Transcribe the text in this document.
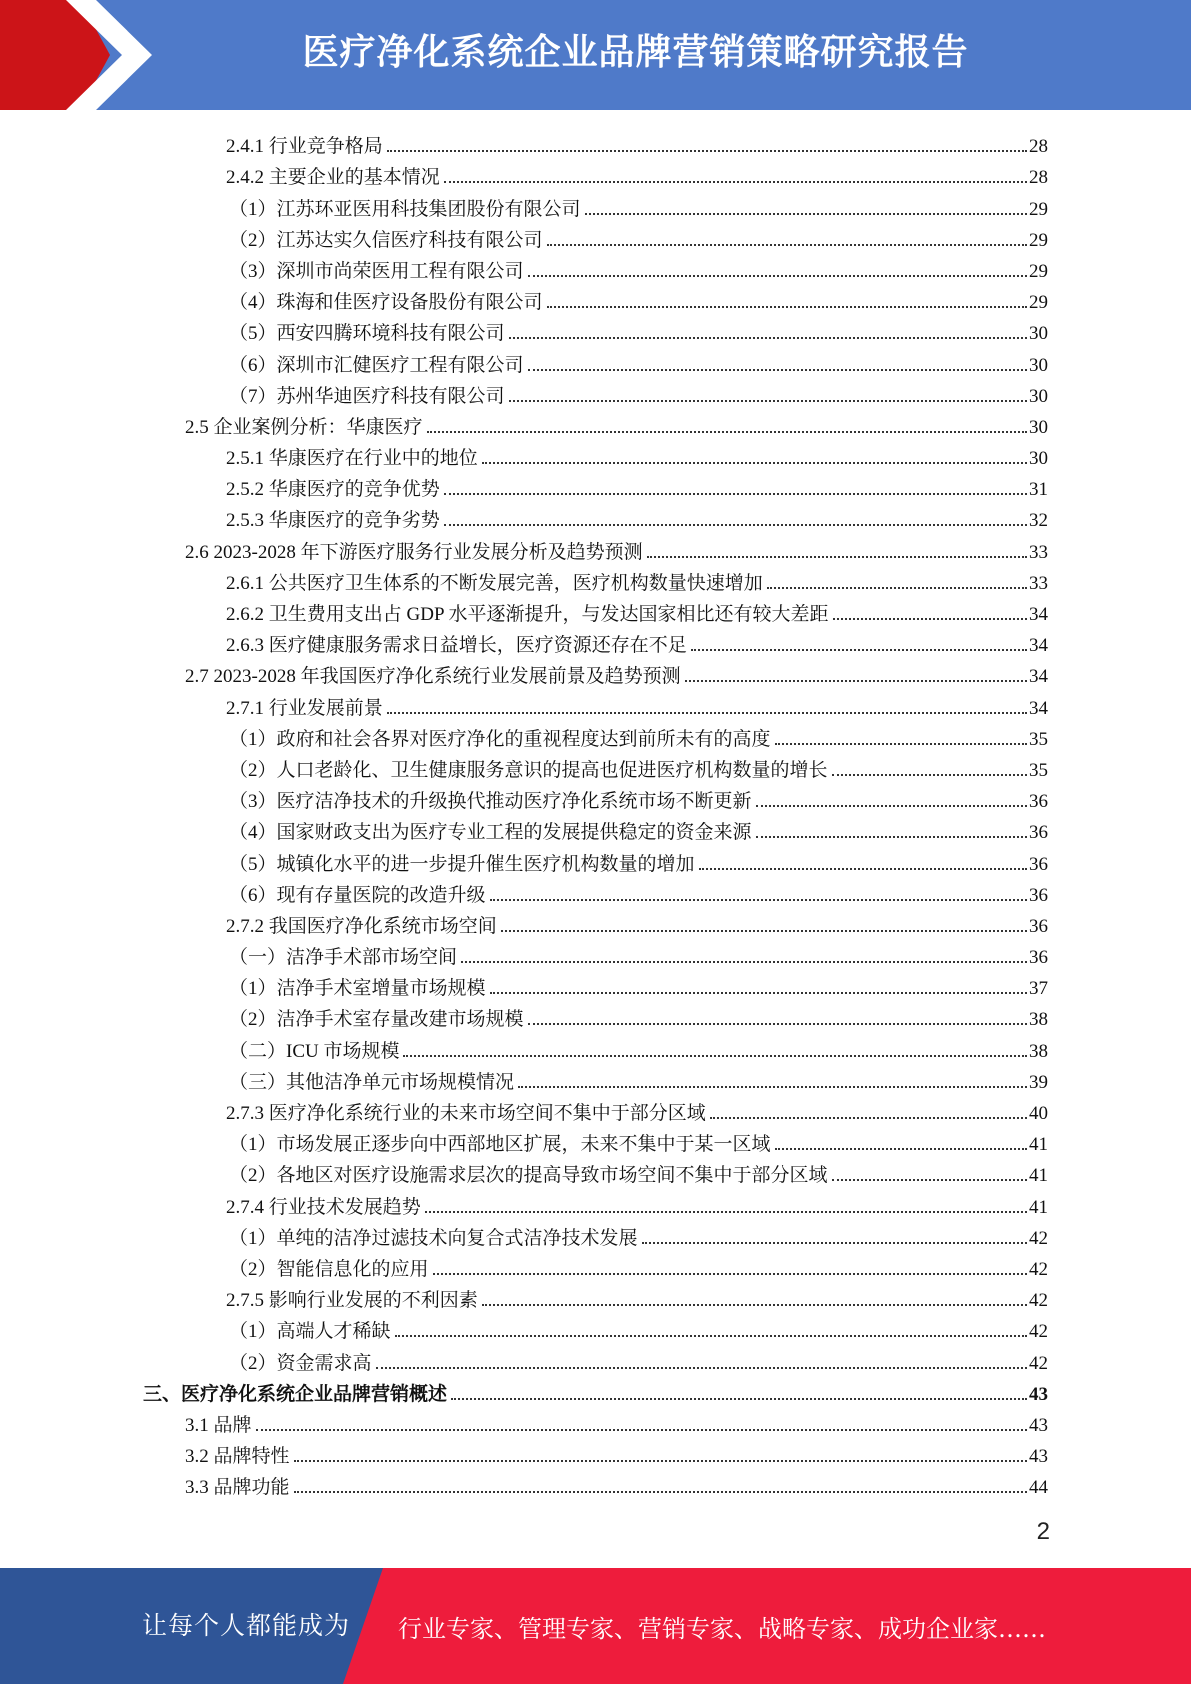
医疗净化系统企业品牌营销策略研究报告
2.4.1 行业竞争格局	28
2.4.2 主要企业的基本情况	28
（1）江苏环亚医用科技集团股份有限公司	29
（2）江苏达实久信医疗科技有限公司	29
（3）深圳市尚荣医用工程有限公司	29
（4）珠海和佳医疗设备股份有限公司	29
（5）西安四腾环境科技有限公司	30
（6）深圳市汇健医疗工程有限公司	30
（7）苏州华迪医疗科技有限公司	30
2.5 企业案例分析：华康医疗	30
2.5.1 华康医疗在行业中的地位	30
2.5.2 华康医疗的竞争优势	31
2.5.3 华康医疗的竞争劣势	32
2.6 2023-2028 年下游医疗服务行业发展分析及趋势预测	33
2.6.1 公共医疗卫生体系的不断发展完善，医疗机构数量快速增加	33
2.6.2 卫生费用支出占 GDP 水平逐渐提升，与发达国家相比还有较大差距	34
2.6.3 医疗健康服务需求日益增长，医疗资源还存在不足	34
2.7 2023-2028 年我国医疗净化系统行业发展前景及趋势预测	34
2.7.1 行业发展前景	34
（1）政府和社会各界对医疗净化的重视程度达到前所未有的高度	35
（2）人口老龄化、卫生健康服务意识的提高也促进医疗机构数量的增长	35
（3）医疗洁净技术的升级换代推动医疗净化系统市场不断更新	36
（4）国家财政支出为医疗专业工程的发展提供稳定的资金来源	36
（5）城镇化水平的进一步提升催生医疗机构数量的增加	36
（6）现有存量医院的改造升级	36
2.7.2 我国医疗净化系统市场空间	36
（一）洁净手术部市场空间	36
（1）洁净手术室增量市场规模	37
（2）洁净手术室存量改建市场规模	38
（二）ICU 市场规模	38
（三）其他洁净单元市场规模情况	39
2.7.3 医疗净化系统行业的未来市场空间不集中于部分区域	40
（1）市场发展正逐步向中西部地区扩展，未来不集中于某一区域	41
（2）各地区对医疗设施需求层次的提高导致市场空间不集中于部分区域	41
2.7.4 行业技术发展趋势	41
（1）单纯的洁净过滤技术向复合式洁净技术发展	42
（2）智能信息化的应用	42
2.7.5 影响行业发展的不利因素	42
（1）高端人才稀缺	42
（2）资金需求高	42
三、医疗净化系统企业品牌营销概述	43
3.1 品牌	43
3.2 品牌特性	43
3.3 品牌功能	44
2
让每个人都能成为 行业专家、管理专家、营销专家、战略专家、成功企业家……
